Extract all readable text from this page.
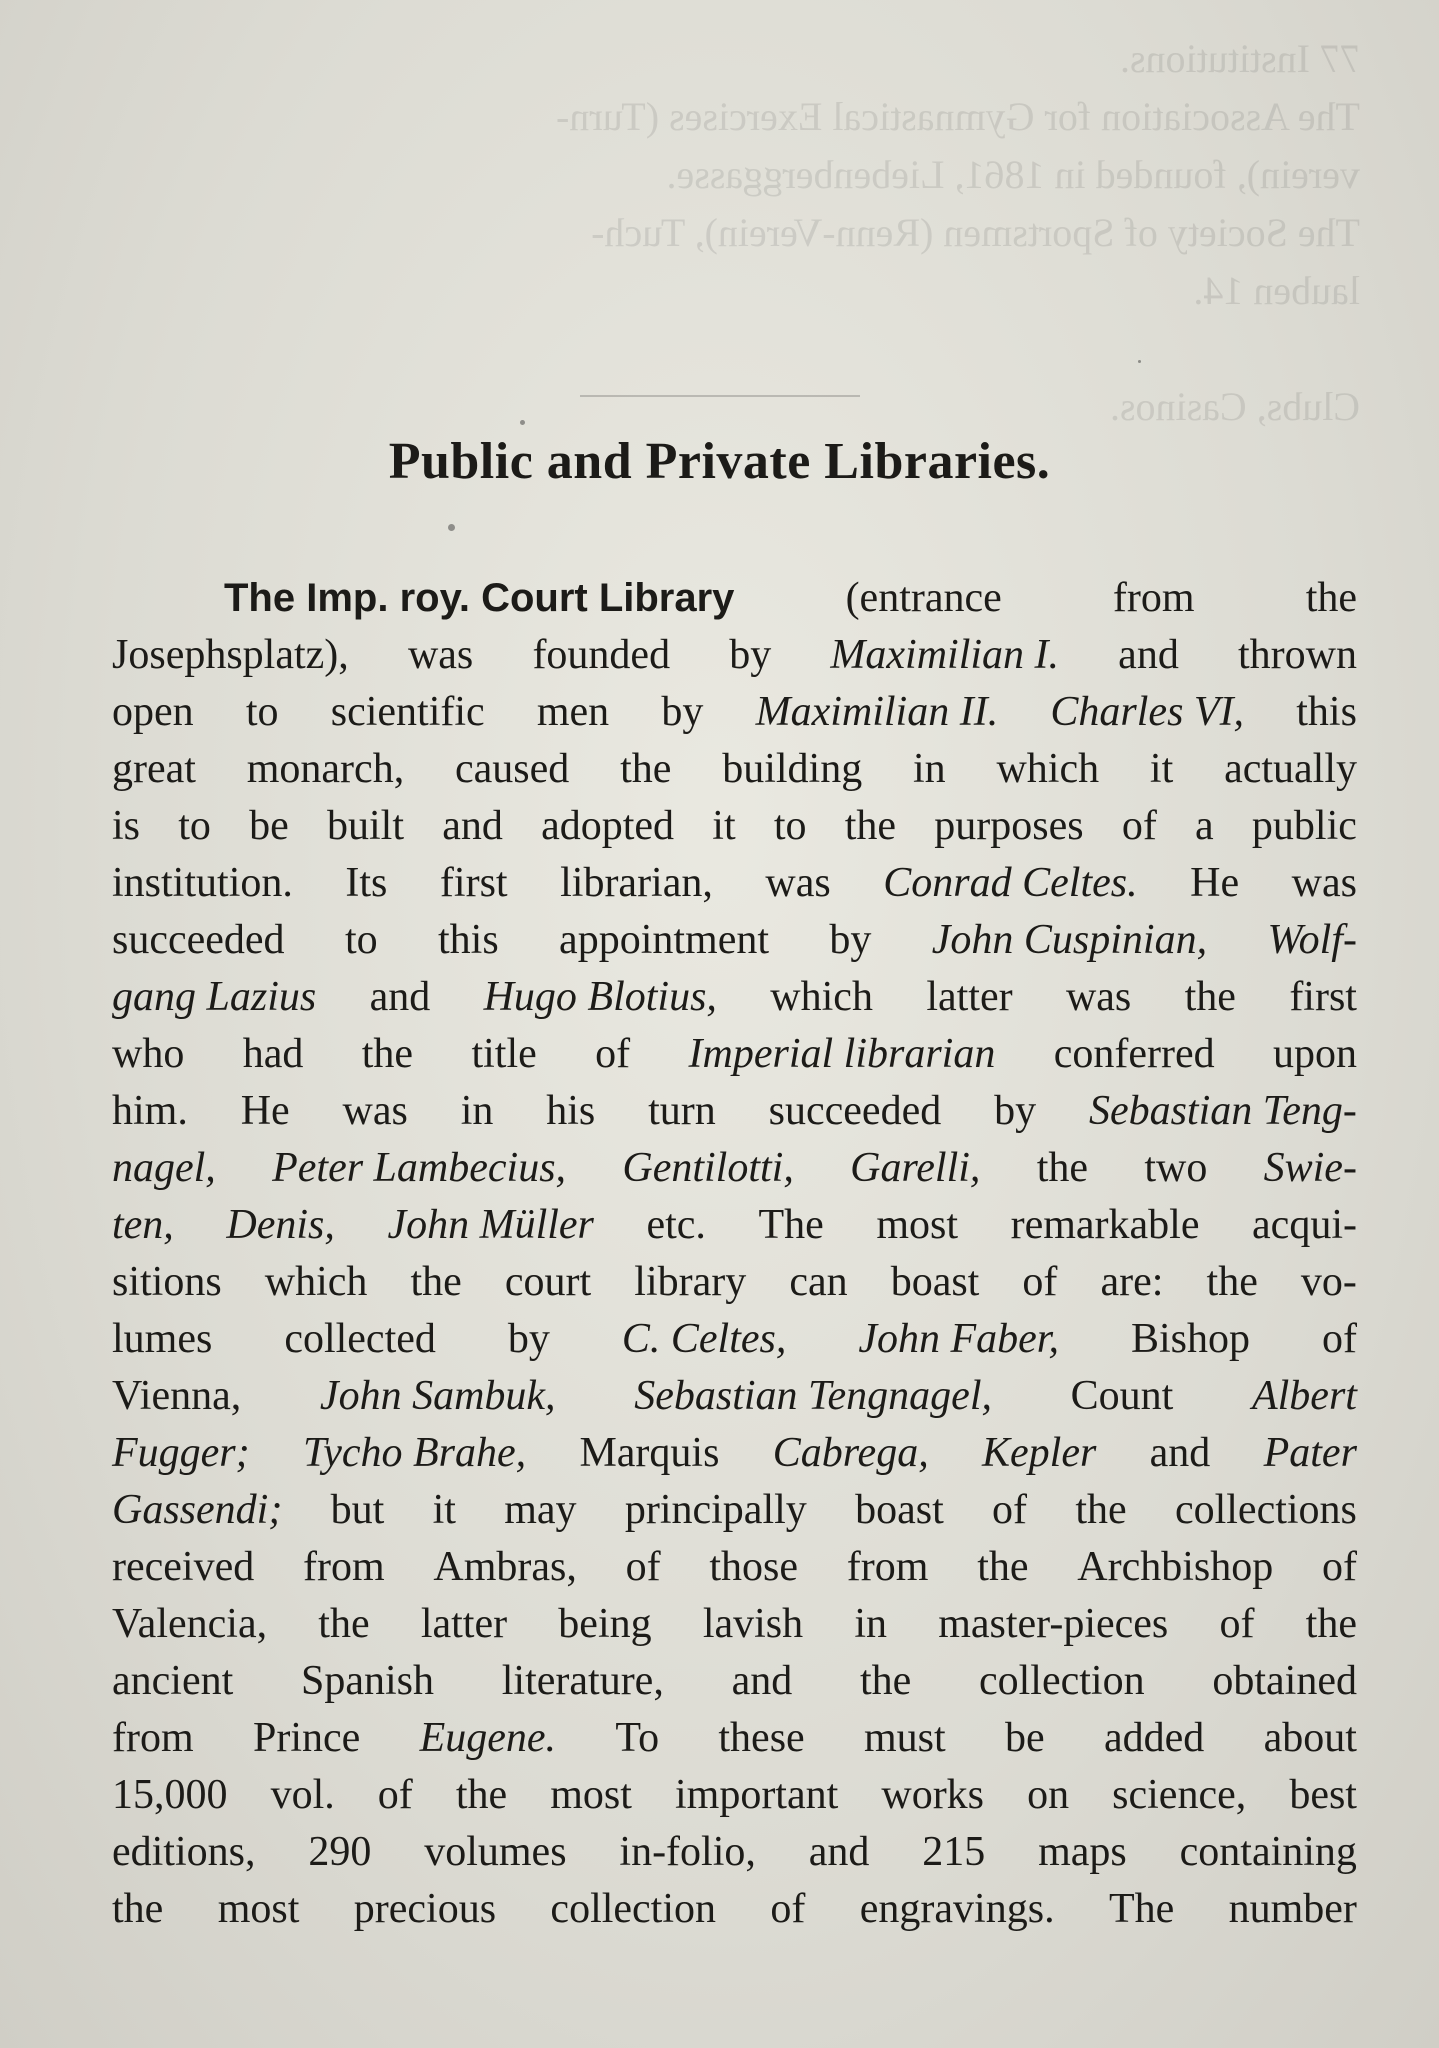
77 Institutions.
The Association for Gymnastical Exercises (Turn-
verein), founded in 1861, Liebenberggasse.
The Society of Sportsmen (Renn-Verein), Tuch-
lauben 14.

Clubs, Casinos.
Public and Private Libraries.
The Imp. roy. Court Library	(entrance	from	the
Josephsplatz), was founded by Maximilian I. and thrown
open to scientific men by Maximilian II. Charles VI, this
great monarch, caused the building in which it actually
is to be built and adopted it to the purposes of a public
institution. Its first librarian, was Conrad Celtes. He was
succeeded to this appointment by John Cuspinian, Wolf-
gang Lazius and Hugo Blotius, which latter was the first
who had the title of Imperial librarian conferred upon
him. He was in his turn succeeded by Sebastian Teng-
nagel, Peter Lambecius, Gentilotti, Garelli, the two Swie-
ten, Denis, John Müller etc. The most remarkable acqui-
sitions which the court library can boast of are: the vo-
lumes collected by C. Celtes, John Faber, Bishop of
Vienna, John Sambuk, Sebastian Tengnagel, Count Albert
Fugger; Tycho Brahe, Marquis Cabrega, Kepler and Pater
Gassendi; but it may principally boast of the collections
received from Ambras, of those from the Archbishop of
Valencia, the latter being lavish in master-pieces of the
ancient Spanish literature, and the collection obtained
from Prince Eugene. To these must be added about
15,000 vol. of the most important works on science, best
editions, 290 volumes in-folio, and 215 maps containing
the most precious collection of engravings. The number
